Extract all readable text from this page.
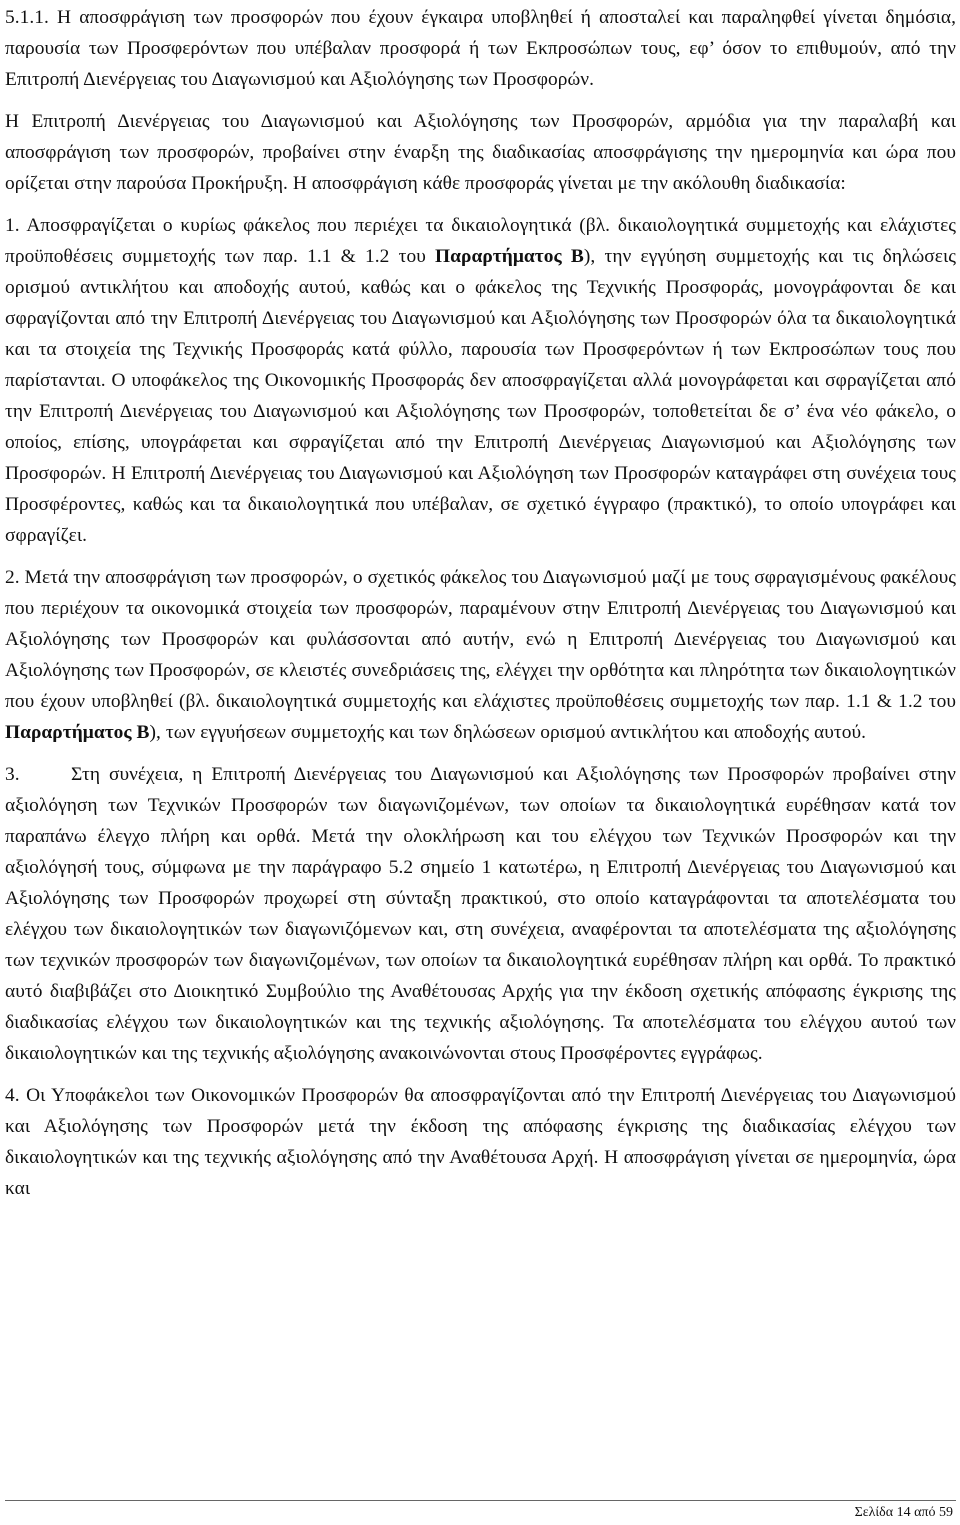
5.1.1. Η αποσφράγιση των προσφορών που έχουν έγκαιρα υποβληθεί ή αποσταλεί και παραληφθεί γίνεται δημόσια, παρουσία των Προσφερόντων που υπέβαλαν προσφορά ή των Εκπροσώπων τους, εφ’ όσον το επιθυμούν, από την Επιτροπή Διενέργειας του Διαγωνισμού και Αξιολόγησης των Προσφορών.

Η Επιτροπή Διενέργειας του Διαγωνισμού και Αξιολόγησης των Προσφορών, αρμόδια για την παραλαβή και αποσφράγιση των προσφορών, προβαίνει στην έναρξη της διαδικασίας αποσφράγισης την ημερομηνία και ώρα που ορίζεται στην παρούσα Προκήρυξη. Η αποσφράγιση κάθε προσφοράς γίνεται με την ακόλουθη διαδικασία:

1. Αποσφραγίζεται ο κυρίως φάκελος που περιέχει τα δικαιολογητικά (βλ. δικαιολογητικά συμμετοχής και ελάχιστες προϋποθέσεις συμμετοχής των παρ. 1.1 & 1.2 του Παραρτήματος Β), την εγγύηση συμμετοχής και τις δηλώσεις ορισμού αντικλήτου και αποδοχής αυτού, καθώς και ο φάκελος της Τεχνικής Προσφοράς, μονογράφονται δε και σφραγίζονται από την Επιτροπή Διενέργειας του Διαγωνισμού και Αξιολόγησης των Προσφορών όλα τα δικαιολογητικά και τα στοιχεία της Τεχνικής Προσφοράς κατά φύλλο, παρουσία των Προσφερόντων ή των Εκπροσώπων τους που παρίστανται. Ο υποφάκελος της Οικονομικής Προσφοράς δεν αποσφραγίζεται αλλά μονογράφεται και σφραγίζεται από την Επιτροπή Διενέργειας του Διαγωνισμού και Αξιολόγησης των Προσφορών, τοποθετείται δε σ’ ένα νέο φάκελο, ο οποίος, επίσης, υπογράφεται και σφραγίζεται από την Επιτροπή Διενέργειας Διαγωνισμού και Αξιολόγησης των Προσφορών. Η Επιτροπή Διενέργειας του Διαγωνισμού και Αξιολόγηση των Προσφορών καταγράφει στη συνέχεια τους Προσφέροντες, καθώς και τα δικαιολογητικά που υπέβαλαν, σε σχετικό έγγραφο (πρακτικό), το οποίο υπογράφει και σφραγίζει.

2. Μετά την αποσφράγιση των προσφορών, ο σχετικός φάκελος του Διαγωνισμού μαζί με τους σφραγισμένους φακέλους που περιέχουν τα οικονομικά στοιχεία των προσφορών, παραμένουν στην Επιτροπή Διενέργειας του Διαγωνισμού και Αξιολόγησης των Προσφορών και φυλάσσονται από αυτήν, ενώ η Επιτροπή Διενέργειας του Διαγωνισμού και Αξιολόγησης των Προσφορών, σε κλειστές συνεδριάσεις της, ελέγχει την ορθότητα και πληρότητα των δικαιολογητικών που έχουν υποβληθεί (βλ. δικαιολογητικά συμμετοχής και ελάχιστες προϋποθέσεις συμμετοχής των παρ. 1.1 & 1.2 του Παραρτήματος Β), των εγγυήσεων συμμετοχής και των δηλώσεων ορισμού αντικλήτου και αποδοχής αυτού.

3.	Στη συνέχεια, η Επιτροπή Διενέργειας του Διαγωνισμού και Αξιολόγησης των Προσφορών προβαίνει στην αξιολόγηση των Τεχνικών Προσφορών των διαγωνιζομένων, των οποίων τα δικαιολογητικά ευρέθησαν κατά τον παραπάνω έλεγχο πλήρη και ορθά. Μετά την ολοκλήρωση και του ελέγχου των Τεχνικών Προσφορών και την αξιολόγησή τους, σύμφωνα με την παράγραφο 5.2 σημείο 1 κατωτέρω, η Επιτροπή Διενέργειας του Διαγωνισμού και Αξιολόγησης των Προσφορών προχωρεί στη σύνταξη πρακτικού, στο οποίο καταγράφονται τα αποτελέσματα του ελέγχου των δικαιολογητικών των διαγωνιζόμενων και, στη συνέχεια, αναφέρονται τα αποτελέσματα της αξιολόγησης των τεχνικών προσφορών των διαγωνιζομένων, των οποίων τα δικαιολογητικά ευρέθησαν πλήρη και ορθά. Το πρακτικό αυτό διαβιβάζει στο Διοικητικό Συμβούλιο της Αναθέτουσας Αρχής για την έκδοση σχετικής απόφασης έγκρισης της διαδικασίας ελέγχου των δικαιολογητικών και της τεχνικής αξιολόγησης. Τα αποτελέσματα του ελέγχου αυτού των δικαιολογητικών και της τεχνικής αξιολόγησης ανακοινώνονται στους Προσφέροντες εγγράφως.

4. Οι Υποφάκελοι των Οικονομικών Προσφορών θα αποσφραγίζονται από την Επιτροπή Διενέργειας του Διαγωνισμού και Αξιολόγησης των Προσφορών μετά την έκδοση της απόφασης έγκρισης της διαδικασίας ελέγχου των δικαιολογητικών και της τεχνικής αξιολόγησης από την Αναθέτουσα Αρχή. Η αποσφράγιση γίνεται σε ημερομηνία, ώρα και

Σελίδα 14 από 59
